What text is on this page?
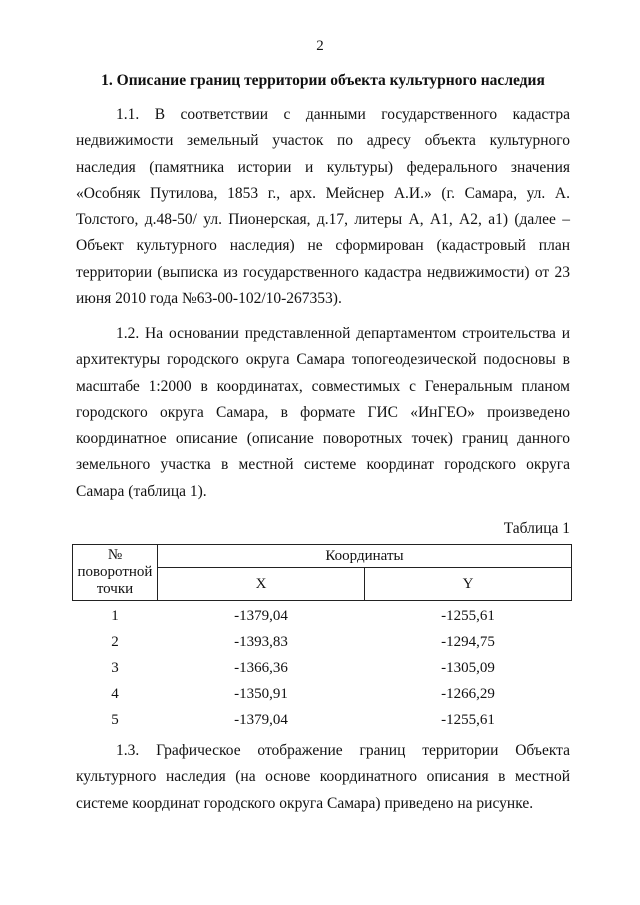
2
1. Описание границ территории объекта культурного наследия

1.1. В соответствии с данными государственного кадастра недвижимости земельный участок по адресу объекта культурного наследия (памятника истории и культуры) федерального значения «Особняк Путилова, 1853 г., арх. Мейснер А.И.» (г. Самара, ул. А. Толстого, д.48-50/ ул. Пионерская, д.17, литеры А, А1, А2, а1) (далее – Объект культурного наследия) не сформирован (кадастровый план территории (выписка из государственного кадастра недвижимости) от 23 июня 2010 года №63-00-102/10-267353).

1.2. На основании представленной департаментом строительства и архитектуры городского округа Самара топогеодезической подосновы в масштабе 1:2000 в координатах, совместимых с Генеральным планом городского округа Самара, в формате ГИС «ИнГЕО» произведено координатное описание (описание поворотных точек) границ данного земельного участка в местной системе координат городского округа Самара (таблица 1).

Таблица 1
№ поворотной точки	Координаты	
	X	Y
1	-1379,04	-1255,61
2	-1393,83	-1294,75
3	-1366,36	-1305,09
4	-1350,91	-1266,29
5	-1379,04	-1255,61

1.3. Графическое отображение границ территории Объекта культурного наследия (на основе координатного описания в местной системе координат городского округа Самара) приведено на рисунке.
